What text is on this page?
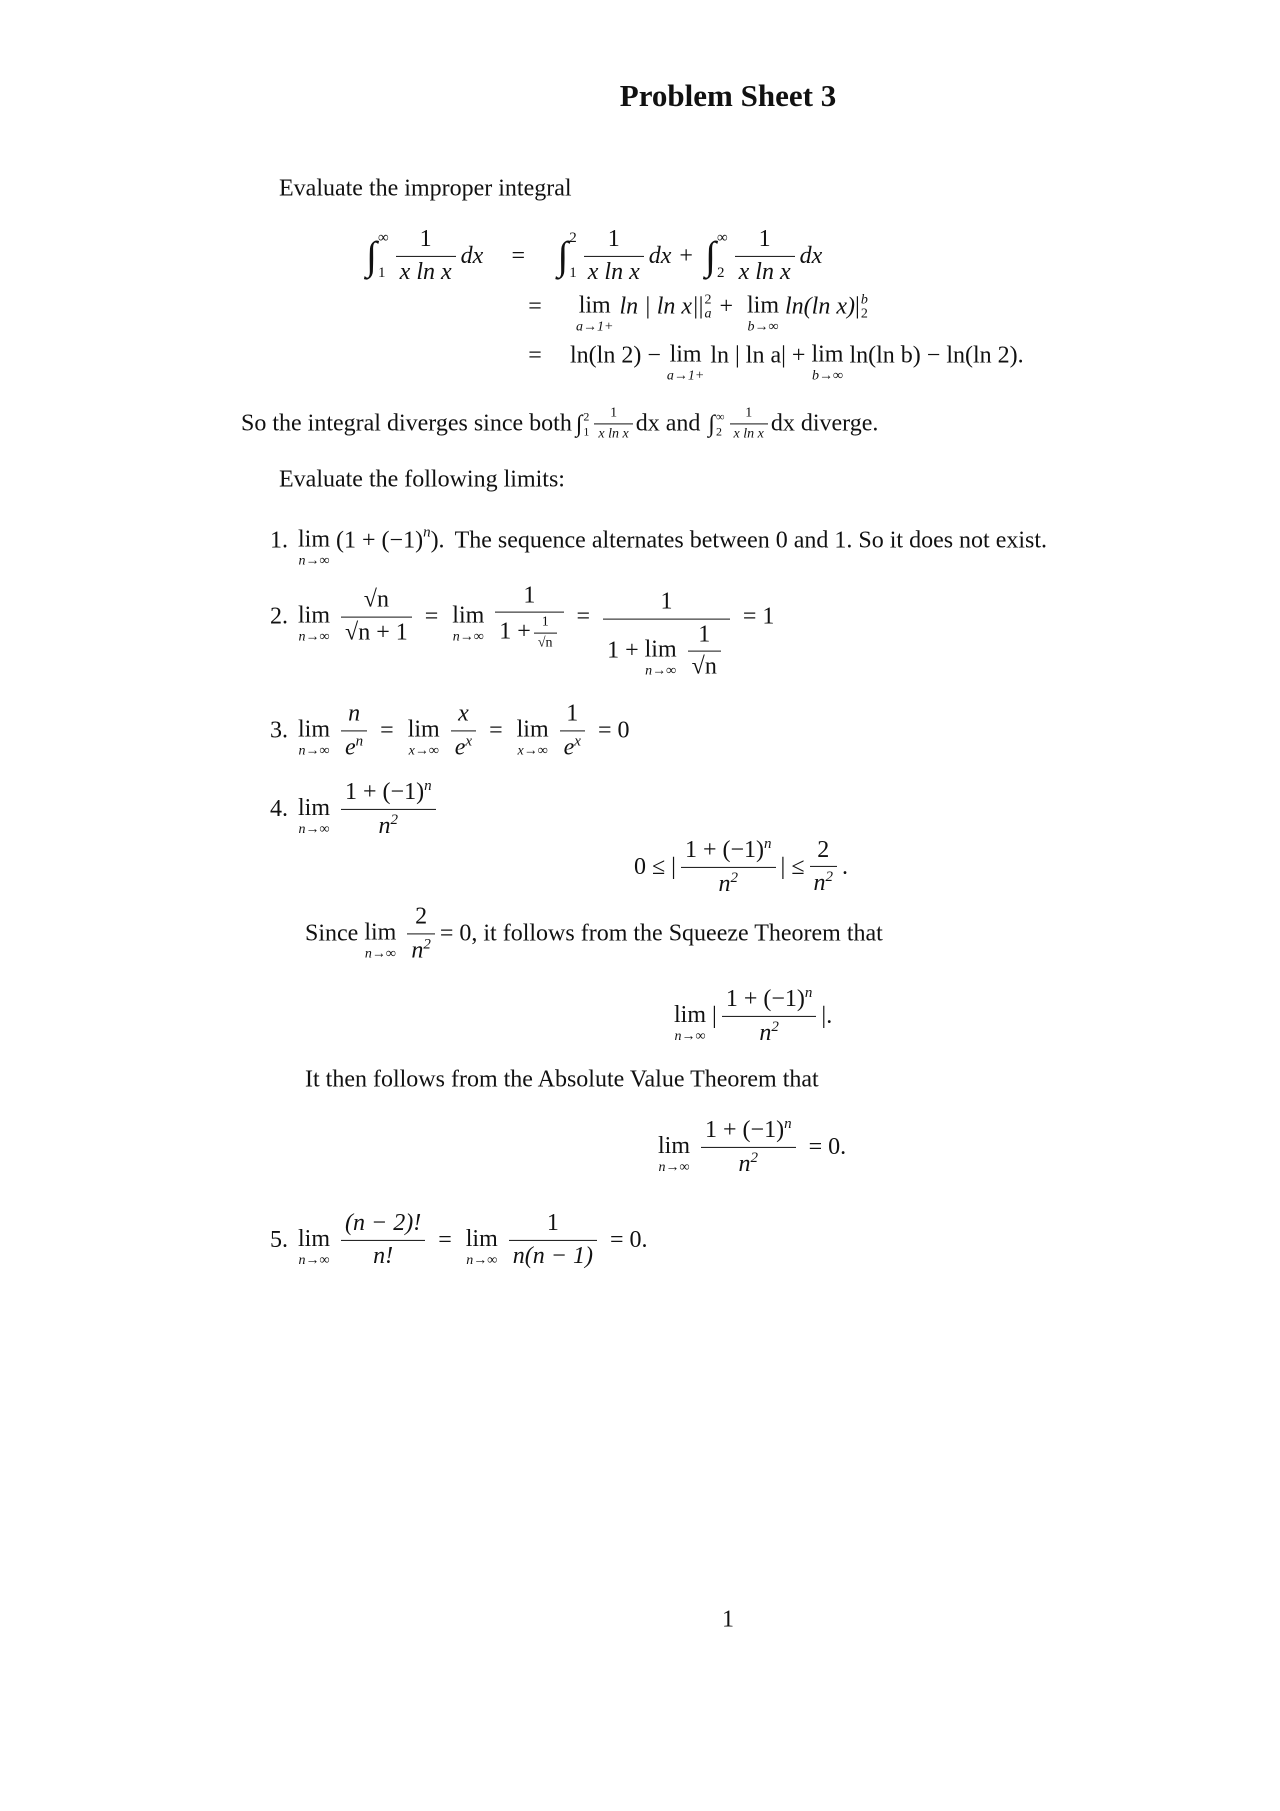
Problem Sheet 3
Evaluate the improper integral
∫ ∞
$1 \frac{1}{\text{x ln x}}$ dx	= ∫ 2
$1 \frac{1}{\text{x ln x}}$ dx + ∫ ∞
$2 \frac{1}{\text{x ln x}}$ dx
=	lim
a→1+
ln | ln x| | 2
a + lim
b→∞
ln(ln x) | b
2
=	ln(ln 2) − lim
a→1+
ln | ln a| + lim
b→∞
ln(ln b) − ln(ln 2).
So the integral diverges since both ∫ 2
$1 \frac{1}{\text{x ln x}}$ dx and ∫ ∞
$2 \frac{1}{\text{x ln x}}$ dx diverge.
Evaluate the following limits:
1. lim
n→∞
($1 + (-1)^n$ ). The sequence alternates between 0 and 1. So it does not exist.
2. lim
$n\to\infty \frac{√n}{√n + 1} = \lim$
$n\to\infty \frac{1}{1 + \frac{1}{√n}} = 1$
1 + lim
$n\to\infty \frac{1}{√n} = 1$
3. lim
$n\to\infty \frac{n}{e^n} = \lim$
$x\to\infty \frac{x}{e^x} = \lim$
$x\to\infty \frac{1}{e^x} = 0$
4. lim
$n\to\infty \frac{1 + (-1)^n}{n^2}$
0 ≤ | $\frac{1 + (-1)^n}{n^2}$ | ≤ $\frac{2}{n^2}$ .
Since lim
$n\to\infty \frac{2}{n^2} = 0$, it follows from the Squeeze Theorem that
lim
n→∞
| $\frac{1 + (-1)^n}{n^2}$ |.
It then follows from the Absolute Value Theorem that
lim
$n\to\infty \frac{1 + (-1)^n}{n^2} = 0$.
5. lim
$n\to\infty \frac{(n - 2)!}{n!} = \lim$
$n\to\infty \frac{1}{n(n - 1)} = 0$.
1
